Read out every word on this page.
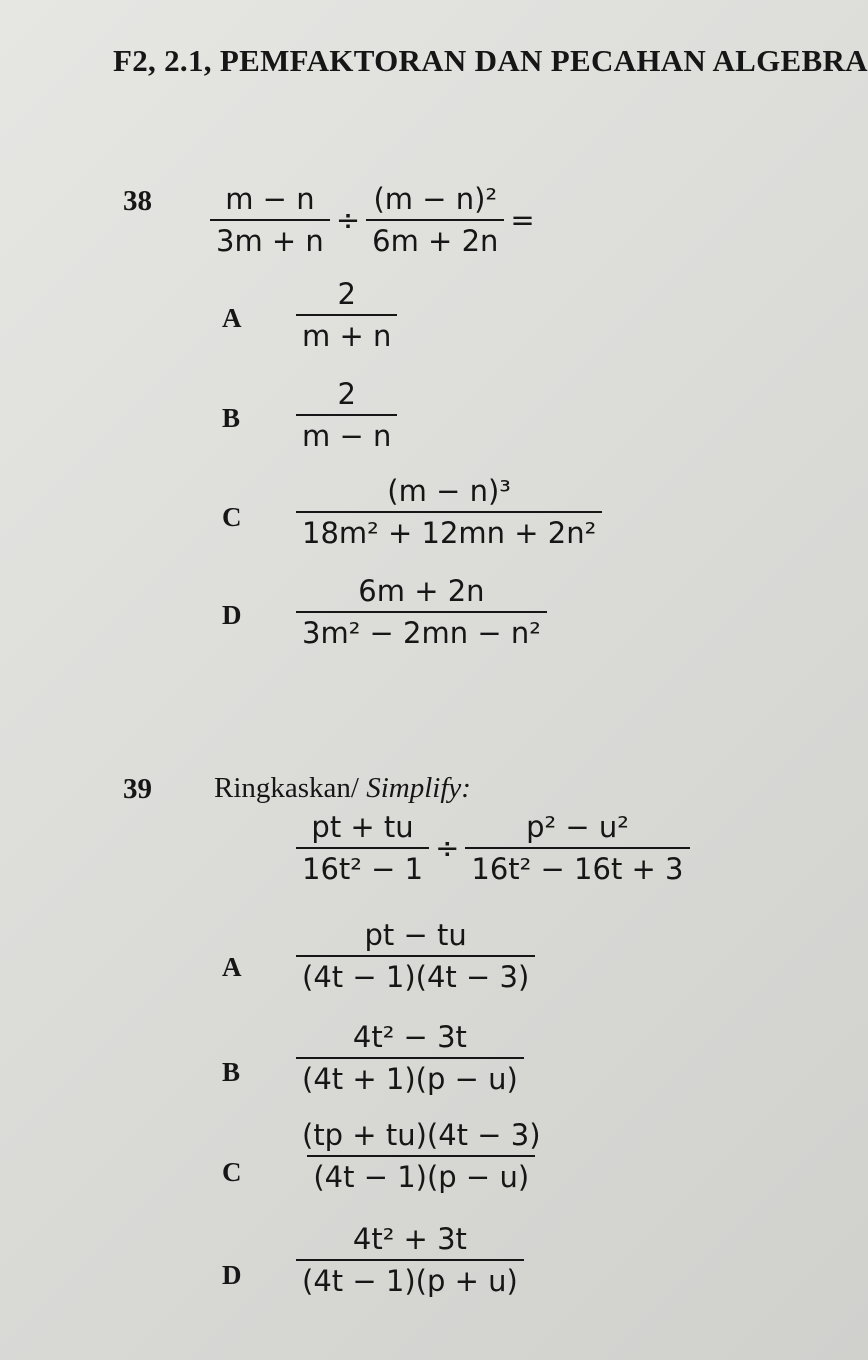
F2, 2.1, PEMFAKTORAN DAN PECAHAN ALGEBRA
$38 \frac{m - n}{3m + n} \div \frac{\text{(m − n)²}}{6m + 2n}$ =
A $\frac{2}{m + n}$
B $\frac{2}{m - n}$
C $\frac{\text{(m − n)³}}{\text{18m² + 12mn + 2n²}}$
D $\frac{6m + 2n}{\text{3m² − 2mn − n²}}$
39 Ringkaskan/ Simplify:
$\frac{pt + tu}{\text{16t² − 1}} \div \frac{\text{p² − u²}}{\text{16t² − 16t + 3}}$
A $\frac{pt - tu}{(4t - 1)(4t - 3)}$
B $\frac{\text{4t² − 3t}}{(4t + 1)(p - u)}$
C $\frac{(tp + tu)(4t - 3)}{(4t - 1)(p - u)}$
D $\frac{\text{4t² + 3t}}{(4t - 1)(p + u)}$
